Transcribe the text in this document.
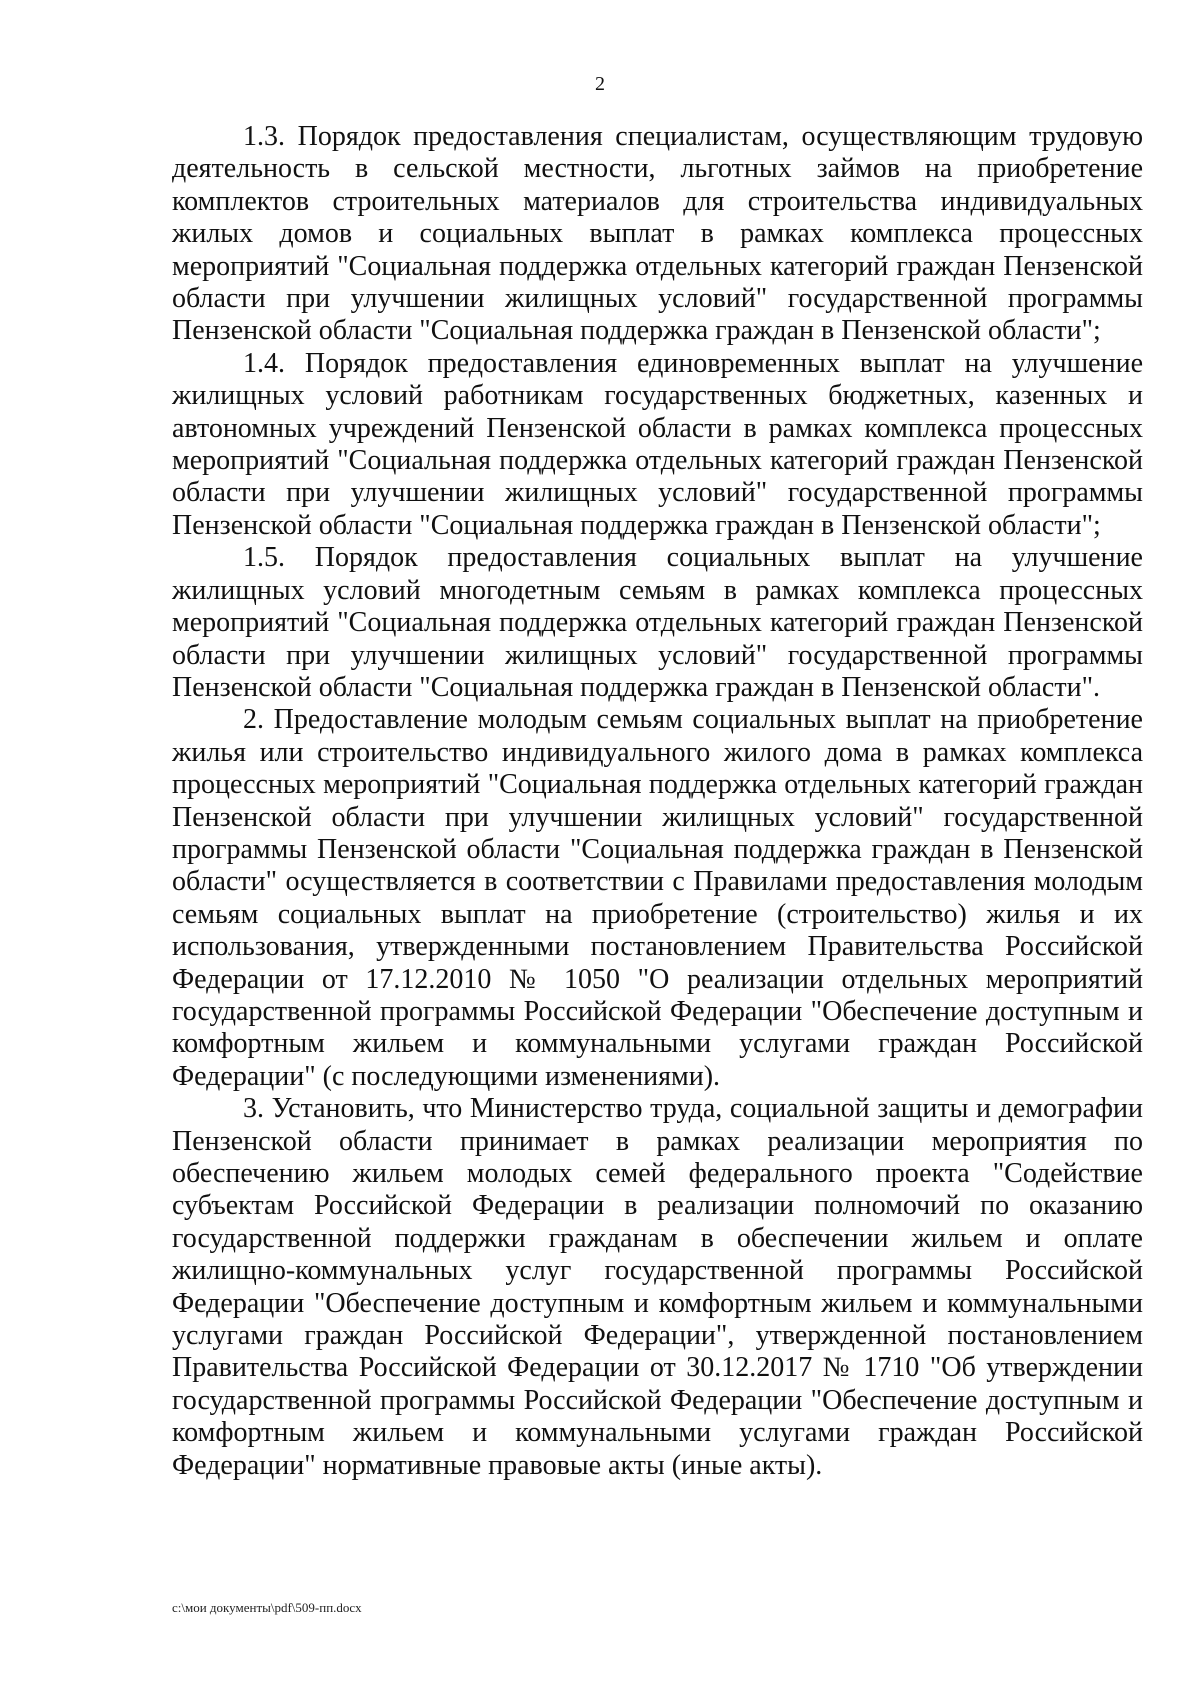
2

1.3. Порядок предоставления специалистам, осуществляющим трудовую деятельность в сельской местности, льготных займов на приобретение комплектов строительных материалов для строительства индивидуальных жилых домов и социальных выплат в рамках комплекса процессных мероприятий "Социальная поддержка отдельных категорий граждан Пензенской области при улучшении жилищных условий" государственной программы Пензенской области "Социальная поддержка граждан в Пензенской области";

1.4. Порядок предоставления единовременных выплат на улучшение жилищных условий работникам государственных бюджетных, казенных и автономных учреждений Пензенской области в рамках комплекса процессных мероприятий "Социальная поддержка отдельных категорий граждан Пензенской области при улучшении жилищных условий" государственной программы Пензенской области "Социальная поддержка граждан в Пензенской области";

1.5. Порядок предоставления социальных выплат на улучшение жилищных условий многодетным семьям в рамках комплекса процессных мероприятий "Социальная поддержка отдельных категорий граждан Пензенской области при улучшении жилищных условий" государственной программы Пензенской области "Социальная поддержка граждан в Пензенской области".

2. Предоставление молодым семьям социальных выплат на приобретение жилья или строительство индивидуального жилого дома в рамках комплекса процессных мероприятий "Социальная поддержка отдельных категорий граждан Пензенской области при улучшении жилищных условий" государственной программы Пензенской области "Социальная поддержка граждан в Пензенской области" осуществляется в соответствии с Правилами предоставления молодым семьям социальных выплат на приобретение (строительство) жилья и их использования, утвержденными постановлением Правительства Российской Федерации от 17.12.2010 № 1050 "О реализации отдельных мероприятий государственной программы Российской Федерации "Обеспечение доступным и комфортным жильем и коммунальными услугами граждан Российской Федерации" (с последующими изменениями).

3. Установить, что Министерство труда, социальной защиты и демографии Пензенской области принимает в рамках реализации мероприятия по обеспечению жильем молодых семей федерального проекта "Содействие субъектам Российской Федерации в реализации полномочий по оказанию государственной поддержки гражданам в обеспечении жильем и оплате жилищно-коммунальных услуг государственной программы Российской Федерации "Обеспечение доступным и комфортным жильем и коммунальными услугами граждан Российской Федерации", утвержденной постановлением Правительства Российской Федерации от 30.12.2017 № 1710 "Об утверждении государственной программы Российской Федерации "Обеспечение доступным и комфортным жильем и коммунальными услугами граждан Российской Федерации" нормативные правовые акты (иные акты).

c:\мои документы\pdf\509-пп.docx
